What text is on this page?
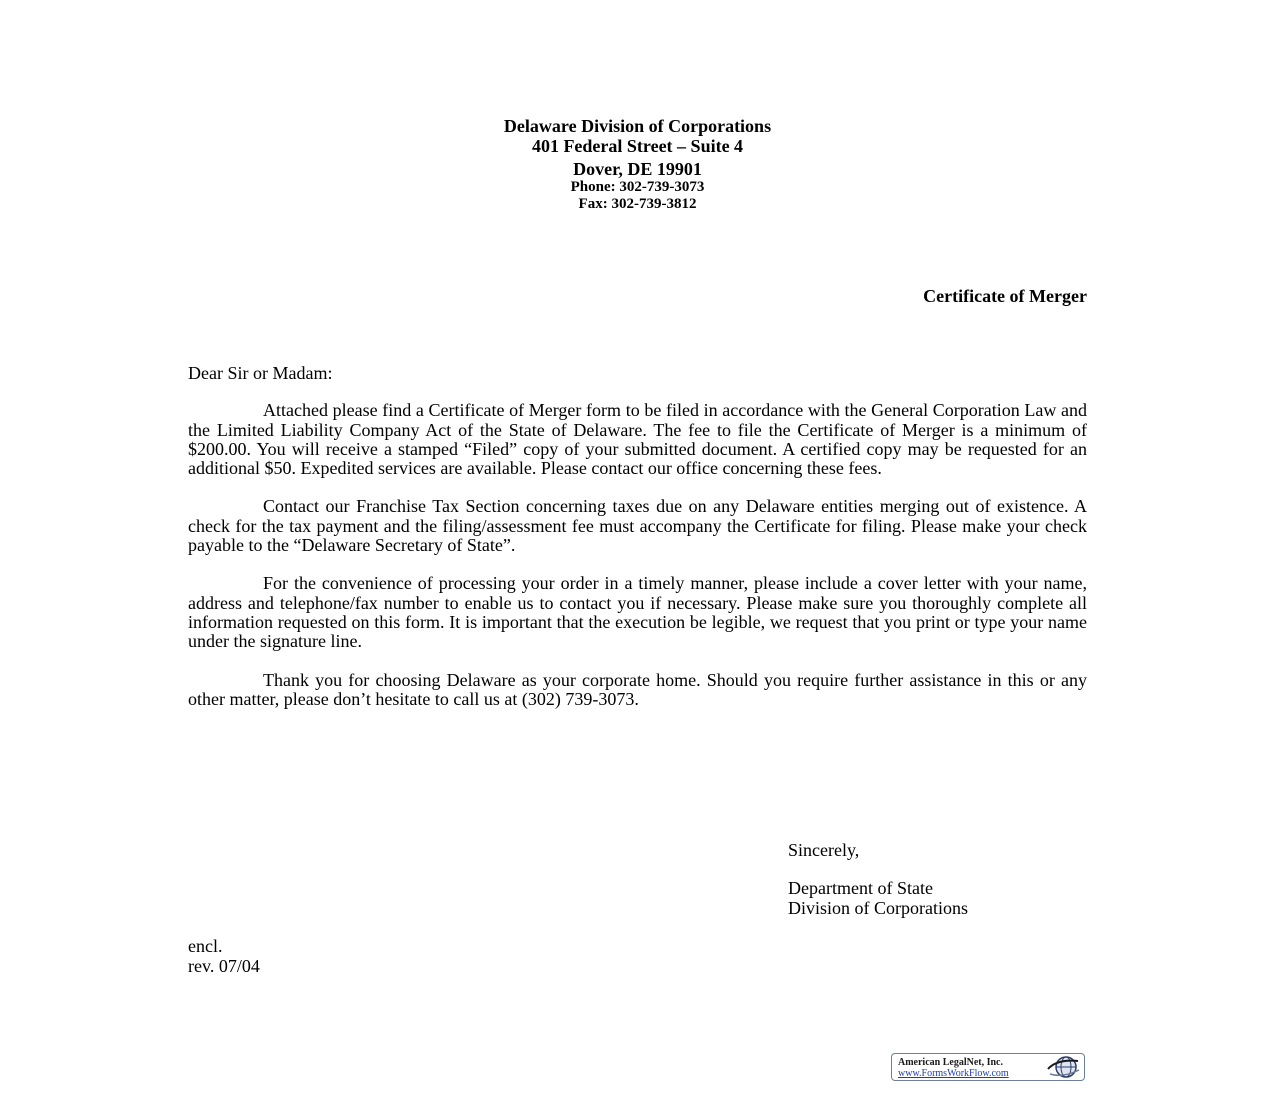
Delaware Division of Corporations
401 Federal Street – Suite 4
Dover, DE 19901
Phone: 302-739-3073
Fax: 302-739-3812
Certificate of Merger

Dear Sir or Madam:

Attached please find a Certificate of Merger form to be filed in accordance with the General Corporation Law and the Limited Liability Company Act of the State of Delaware. The fee to file the Certificate of Merger is a minimum of $200.00. You will receive a stamped “Filed” copy of your submitted document. A certified copy may be requested for an additional $50. Expedited services are available. Please contact our office concerning these fees.

Contact our Franchise Tax Section concerning taxes due on any Delaware entities merging out of existence. A check for the tax payment and the filing/assessment fee must accompany the Certificate for filing. Please make your check payable to the “Delaware Secretary of State”.

For the convenience of processing your order in a timely manner, please include a cover letter with your name, address and telephone/fax number to enable us to contact you if necessary. Please make sure you thoroughly complete all information requested on this form. It is important that the execution be legible, we request that you print or type your name under the signature line.

Thank you for choosing Delaware as your corporate home. Should you require further assistance in this or any other matter, please don’t hesitate to call us at (302) 739-3073.

Sincerely,
Department of State
Division of Corporations
encl.
rev. 07/04
American LegalNet, Inc.
www.FormsWorkFlow.com
